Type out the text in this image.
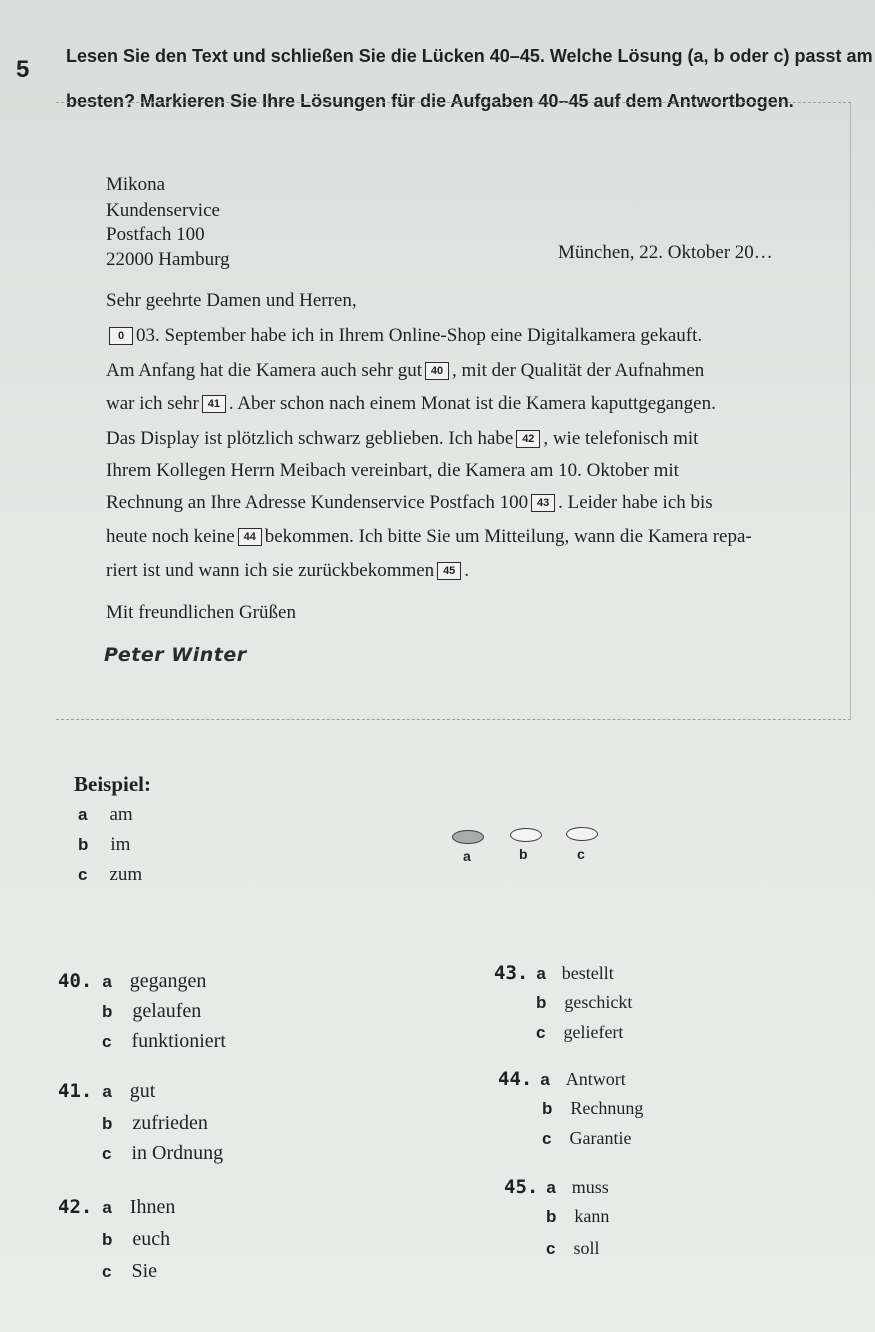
5 Lesen Sie den Text und schließen Sie die Lücken 40–45. Welche Lösung (a, b oder c) passt am
besten? Markieren Sie Ihre Lösungen für die Aufgaben 40–45 auf dem Antwortbogen.
Mikona
Kundenservice
Postfach 100
22000 Hamburg	München, 22. Oktober 20…
Sehr geehrte Damen und Herren,
0 03. September habe ich in Ihrem Online-Shop eine Digitalkamera gekauft.
Am Anfang hat die Kamera auch sehr gut 40 , mit der Qualität der Aufnahmen
war ich sehr 41 . Aber schon nach einem Monat ist die Kamera kaputtgegangen.
Das Display ist plötzlich schwarz geblieben. Ich habe 42 , wie telefonisch mit
Ihrem Kollegen Herrn Meibach vereinbart, die Kamera am 10. Oktober mit
Rechnung an Ihre Adresse Kundenservice Postfach 100 43 . Leider habe ich bis
heute noch keine 44 bekommen. Ich bitte Sie um Mitteilung, wann die Kamera repa-
riert ist und wann ich sie zurückbekommen 45 .
Mit freundlichen Grüßen
Peter Winter
Beispiel:
a am
b im
c zum
a	b	c
40. a gegangen
b gelaufen
c funktioniert
41. a gut
b zufrieden
c in Ordnung
42. a Ihnen
b euch
c Sie
43. a bestellt
b geschickt
c geliefert
44. a Antwort
b Rechnung
c Garantie
45. a muss
b kann
c soll
